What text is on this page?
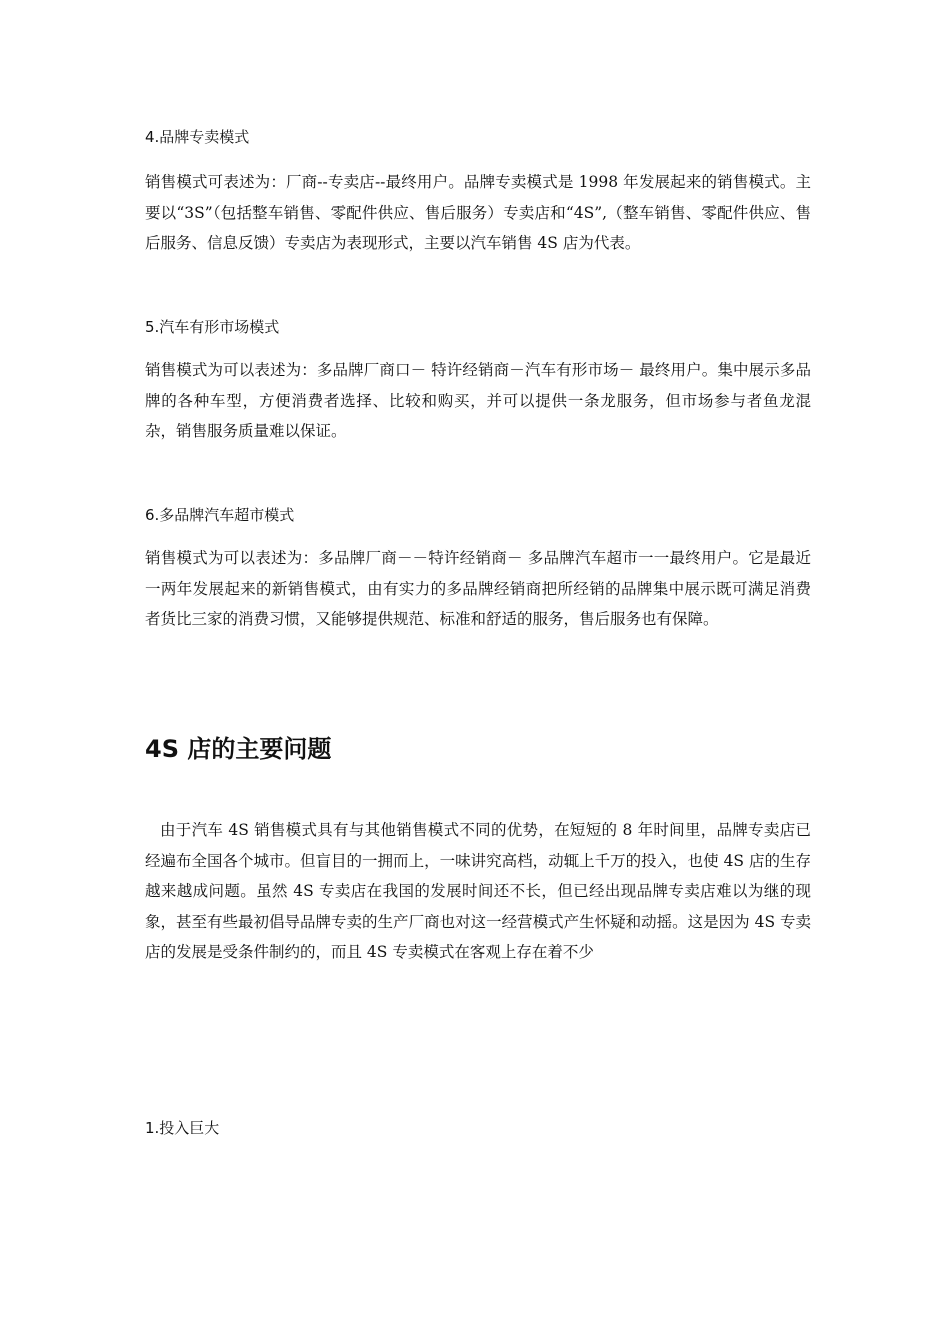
4.品牌专卖模式

销售模式可表述为：厂商--专卖店--最终用户。品牌专卖模式是 1998 年发展起来的销售模式。主要以“3S”（包括整车销售、零配件供应、售后服务）专卖店和“4S”,（整车销售、零配件供应、售后服务、信息反馈）专卖店为表现形式，主要以汽车销售 4S 店为代表。

5.汽车有形市场模式

销售模式为可以表述为：多品牌厂商口－ 特许经销商－汽车有形市场－ 最终用户。集中展示多品牌的各种车型，方便消费者选择、比较和购买，并可以提供一条龙服务，但市场参与者鱼龙混杂，销售服务质量难以保证。

6.多品牌汽车超市模式

销售模式为可以表述为：多品牌厂商－－特许经销商－ 多品牌汽车超市一一最终用户。它是最近一两年发展起来的新销售模式，由有实力的多品牌经销商把所经销的品牌集中展示既可满足消费者货比三家的消费习惯，又能够提供规范、标准和舒适的服务，售后服务也有保障。

4S 店的主要问题

由于汽车 4S 销售模式具有与其他销售模式不同的优势，在短短的 8 年时间里，品牌专卖店已经遍布全国各个城市。但盲目的一拥而上，一味讲究高档，动辄上千万的投入，也使 4S 店的生存越来越成问题。虽然 4S 专卖店在我国的发展时间还不长，但已经出现品牌专卖店难以为继的现象，甚至有些最初倡导品牌专卖的生产厂商也对这一经营模式产生怀疑和动摇。这是因为 4S 专卖店的发展是受条件制约的，而且 4S 专卖模式在客观上存在着不少

1.投入巨大
